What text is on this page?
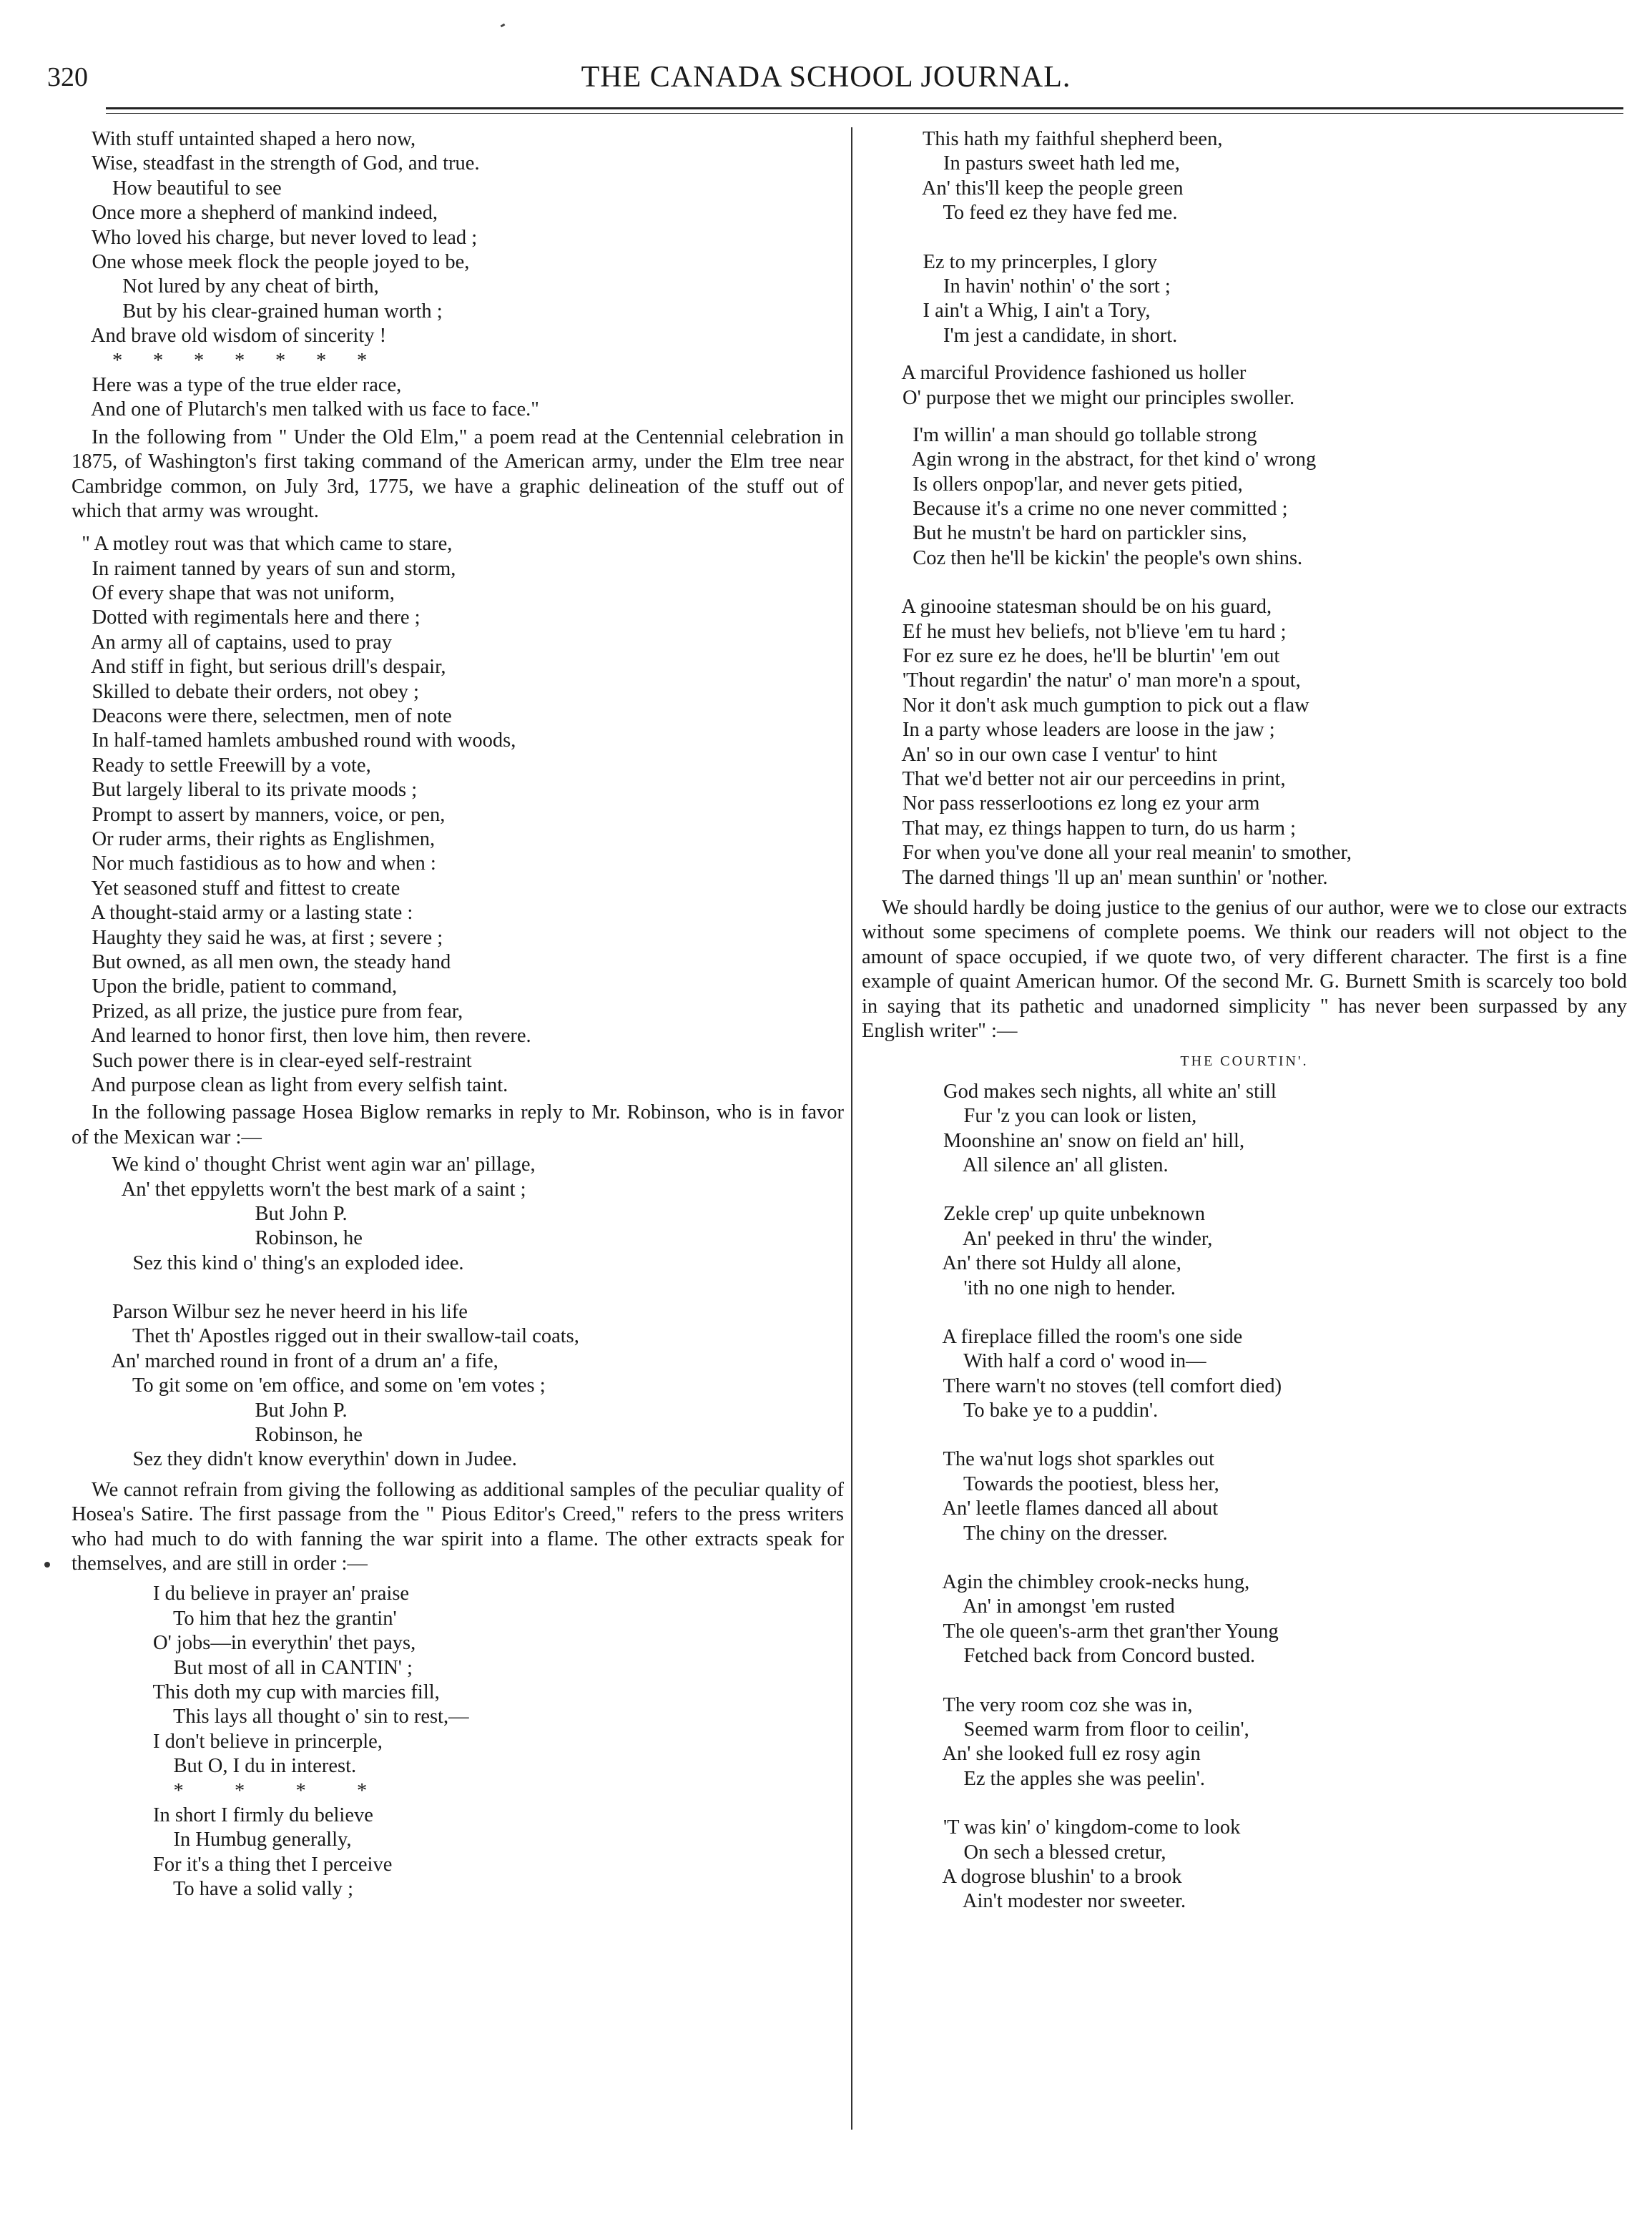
320	THE CANADA SCHOOL JOURNAL.
With stuff untainted shaped a hero now,
Wise, steadfast in the strength of God, and true.
How beautiful to see
Once more a shepherd of mankind indeed,
Who loved his charge, but never loved to lead ;
One whose meek flock the people joyed to be,
Not lured by any cheat of birth,
But by his clear-grained human worth ;
And brave old wisdom of sincerity !
*      *      *      *      *      *      *
Here was a type of the true elder race,
And one of Plutarch's men talked with us face to face."

In the following from " Under the Old Elm," a poem read at the Centennial celebration in 1875, of Washington's first taking command of the American army, under the Elm tree near Cambridge common, on July 3rd, 1775, we have a graphic delineation of the stuff out of which that army was wrought.

" A motley rout was that which came to stare,
In raiment tanned by years of sun and storm,
Of every shape that was not uniform,
Dotted with regimentals here and there ;
An army all of captains, used to pray
And stiff in fight, but serious drill's despair,
Skilled to debate their orders, not obey ;
Deacons were there, selectmen, men of note
In half-tamed hamlets ambushed round with woods,
Ready to settle Freewill by a vote,
But largely liberal to its private moods ;
Prompt to assert by manners, voice, or pen,
Or ruder arms, their rights as Englishmen,
Nor much fastidious as to how and when :
Yet seasoned stuff and fittest to create
A thought-staid army or a lasting state :
Haughty they said he was, at first ; severe ;
But owned, as all men own, the steady hand
Upon the bridle, patient to command,
Prized, as all prize, the justice pure from fear,
And learned to honor first, then love him, then revere.
Such power there is in clear-eyed self-restraint
And purpose clean as light from every selfish taint.

In the following passage Hosea Biglow remarks in reply to Mr. Robinson, who is in favor of the Mexican war :—

We kind o' thought Christ went agin war an' pillage,
An' thet eppyletts worn't the best mark of a saint ;
But John P.
Robinson, he
Sez this kind o' thing's an exploded idee.
Parson Wilbur sez he never heerd in his life
Thet th' Apostles rigged out in their swallow-tail coats,
An' marched round in front of a drum an' a fife,
To git some on 'em office, and some on 'em votes ;
But John P.
Robinson, he
Sez they didn't know everythin' down in Judee.

We cannot refrain from giving the following as additional samples of the peculiar quality of Hosea's Satire. The first passage from the " Pious Editor's Creed," refers to the press writers who had much to do with fanning the war spirit into a flame. The other extracts speak for themselves, and are still in order :—

I du believe in prayer an' praise
To him that hez the grantin'
O' jobs—in everythin' thet pays,
But most of all in CANTIN' ;
This doth my cup with marcies fill,
This lays all thought o' sin to rest,—
I don't believe in princerple,
But O, I du in interest.
*          *          *          *
In short I firmly du believe
In Humbug generally,
For it's a thing thet I perceive
To have a solid vally ;
This hath my faithful shepherd been,
In pasturs sweet hath led me,
An' this'll keep the people green
To feed ez they have fed me.
Ez to my princerples, I glory
In havin' nothin' o' the sort ;
I ain't a Whig, I ain't a Tory,
I'm jest a candidate, in short.
A marciful Providence fashioned us holler
O' purpose thet we might our principles swoller.
I'm willin' a man should go tollable strong
Agin wrong in the abstract, for thet kind o' wrong
Is ollers onpop'lar, and never gets pitied,
Because it's a crime no one never committed ;
But he mustn't be hard on partickler sins,
Coz then he'll be kickin' the people's own shins.
A ginooine statesman should be on his guard,
Ef he must hev beliefs, not b'lieve 'em tu hard ;
For ez sure ez he does, he'll be blurtin' 'em out
'Thout regardin' the natur' o' man more'n a spout,
Nor it don't ask much gumption to pick out a flaw
In a party whose leaders are loose in the jaw ;
An' so in our own case I ventur' to hint
That we'd better not air our perceedins in print,
Nor pass resserlootions ez long ez your arm
That may, ez things happen to turn, do us harm ;
For when you've done all your real meanin' to smother,
The darned things 'll up an' mean sunthin' or 'nother.

We should hardly be doing justice to the genius of our author, were we to close our extracts without some specimens of complete poems. We think our readers will not object to the amount of space occupied, if we quote two, of very different character. The first is a fine example of quaint American humor. Of the second Mr. G. Burnett Smith is scarcely too bold in saying that its pathetic and unadorned simplicity " has never been surpassed by any English writer" :—

THE COURTIN'.
God makes sech nights, all white an' still
Fur 'z you can look or listen,
Moonshine an' snow on field an' hill,
All silence an' all glisten.
Zekle crep' up quite unbeknown
An' peeked in thru' the winder,
An' there sot Huldy all alone,
'ith no one nigh to hender.
A fireplace filled the room's one side
With half a cord o' wood in—
There warn't no stoves (tell comfort died)
To bake ye to a puddin'.
The wa'nut logs shot sparkles out
Towards the pootiest, bless her,
An' leetle flames danced all about
The chiny on the dresser.
Agin the chimbley crook-necks hung,
An' in amongst 'em rusted
The ole queen's-arm thet gran'ther Young
Fetched back from Concord busted.
The very room coz she was in,
Seemed warm from floor to ceilin',
An' she looked full ez rosy agin
Ez the apples she was peelin'.
'T was kin' o' kingdom-come to look
On sech a blessed cretur,
A dogrose blushin' to a brook
Ain't modester nor sweeter.
